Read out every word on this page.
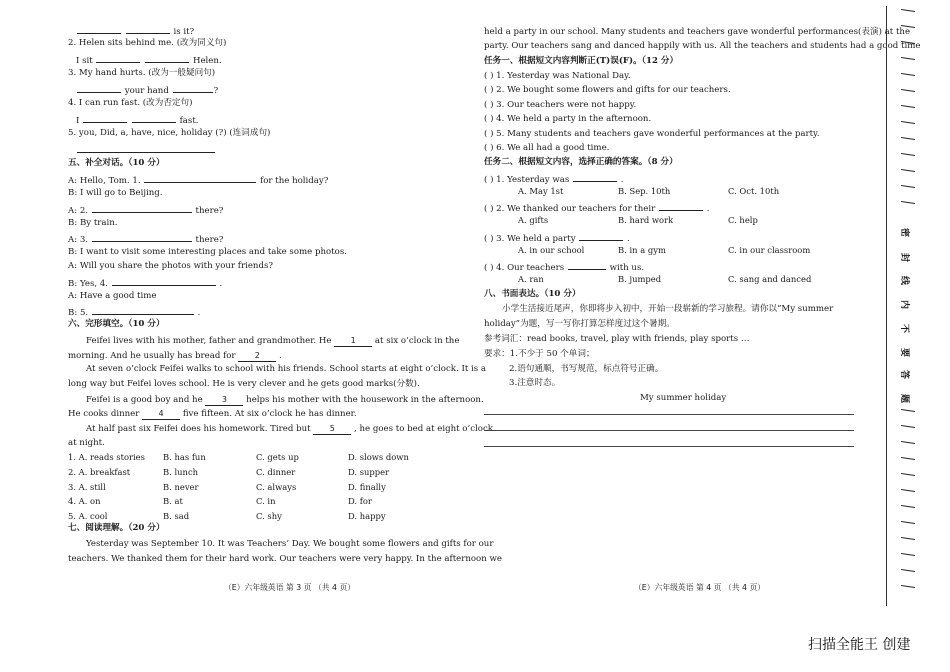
is it?
2. Helen sits behind me. (改为同义句)
I sit	Helen.
3. My hand hurts. (改为一般疑问句)
your hand	?
4. I can run fast. (改为否定句)
I	fast.
5. you, Did, a, have, nice, holiday (?) (连词成句)
五、补全对话。（10 分）
A: Hello, Tom. 1.	for the holiday?
B: I will go to Beijing.
A: 2.	there?
B: By train.
A: 3.	there?
B: I want to visit some interesting places and take some photos.
A: Will you share the photos with your friends?
B: Yes, 4.	.
A: Have a good time
B: 5.	.
六、完形填空。（10 分）
Feifei lives with his mother, father and grandmother. He 1 at six o’clock in the
morning. And he usually has bread for 2 .
At seven o’clock Feifei walks to school with his friends. School starts at eight o’clock. It is a
long way but Feifei loves school. He is very clever and he gets good marks(分数).
Feifei is a good boy and he 3 helps his mother with the housework in the afternoon.
He cooks dinner 4 five fifteen. At six o’clock he has dinner.
At half past six Feifei does his homework. Tired but 5 , he goes to bed at eight o’clock
at night.
1. A. reads stories B. has fun	C. gets up	D. slows down
2. A. breakfast	B. lunch	C. dinner	D. supper
3. A. still	B. never	C. always	D. finally
4. A. on	B. at	C. in	D. for
5. A. cool	B. sad	C. shy	D. happy
七、阅读理解。（20 分）
Yesterday was September 10. It was Teachers’ Day. We bought some flowers and gifts for our
teachers. We thanked them for their hard work. Our teachers were very happy. In the afternoon we
（E）六年级英语 第 3 页 （共 4 页）
held a party in our school. Many students and teachers gave wonderful performances(表演) at the
party. Our teachers sang and danced happily with us. All the teachers and students had a good time
任务一、根据短文内容判断正(T)误(F)。（12 分）
( ) 1. Yesterday was National Day.
( ) 2. We bought some flowers and gifts for our teachers.
( ) 3. Our teachers were not happy.
( ) 4. We held a party in the afternoon.
( ) 5. Many students and teachers gave wonderful performances at the party.
( ) 6. We all had a good time.
任务二、根据短文内容，选择正确的答案。（8 分）
( ) 1. Yesterday was	.
A. May 1st	B. Sep. 10th	C. Oct. 10th
( ) 2. We thanked our teachers for their	.
A. gifts	B. hard work	C. help
( ) 3. We held a party	.
A. in our school	B. in a gym	C. in our classroom
( ) 4. Our teachers	with us.
A. ran	B. jumped	C. sang and danced
八、书面表达。（10 分）
小学生活接近尾声，你即将步入初中，开始一段崭新的学习旅程。请你以“My summer
holiday”为题，写一写你打算怎样度过这个暑期。
参考词汇：read books, travel, play with friends, play sports …
要求：1.不少于 50 个单词；
2.语句通顺，书写规范，标点符号正确。
3.注意时态。
My summer holiday
（E）六年级英语 第 4 页 （共 4 页）
密
封
线
内
不
要
答
题
扫描全能王 创建
